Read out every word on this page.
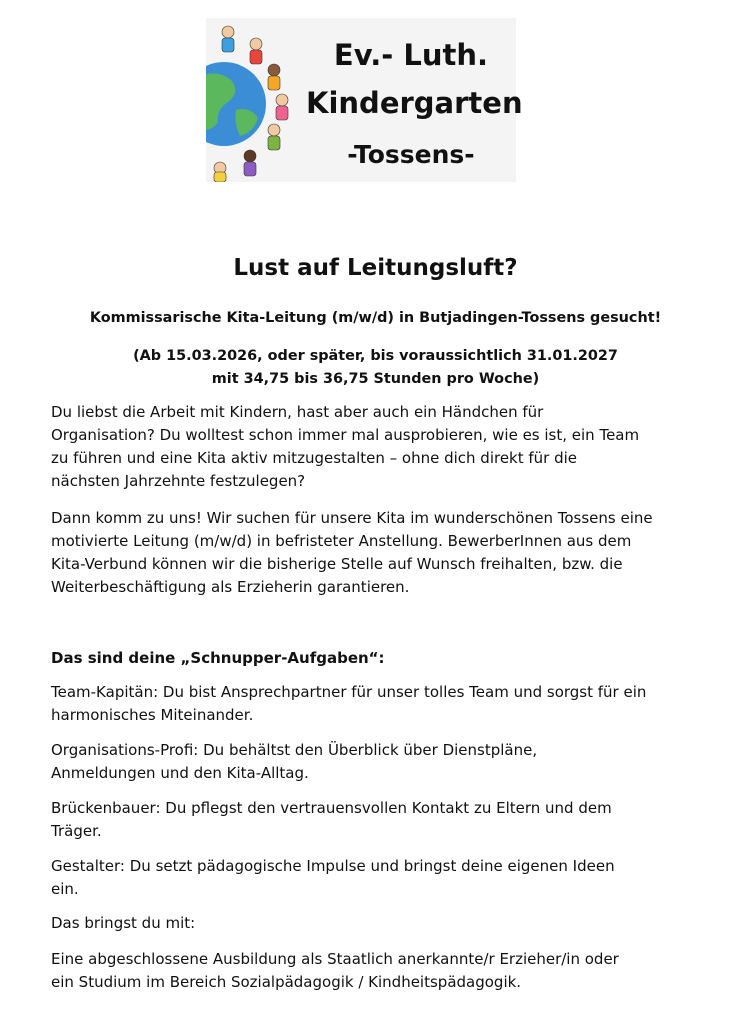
Ev.- Luth.
Kindergarten
-Tossens-
Lust auf Leitungsluft?
Kommissarische Kita-Leitung (m/w/d) in Butjadingen-Tossens gesucht!
(Ab 15.03.2026, oder später, bis voraussichtlich 31.01.2027
mit 34,75 bis 36,75 Stunden pro Woche)
Du liebst die Arbeit mit Kindern, hast aber auch ein Händchen für
Organisation? Du wolltest schon immer mal ausprobieren, wie es ist, ein Team
zu führen und eine Kita aktiv mitzugestalten – ohne dich direkt für die
nächsten Jahrzehnte festzulegen?
Dann komm zu uns! Wir suchen für unsere Kita im wunderschönen Tossens eine
motivierte Leitung (m/w/d) in befristeter Anstellung. BewerberInnen aus dem
Kita-Verbund können wir die bisherige Stelle auf Wunsch freihalten, bzw. die
Weiterbeschäftigung als Erzieherin garantieren.
Das sind deine „Schnupper-Aufgaben“:
Team-Kapitän: Du bist Ansprechpartner für unser tolles Team und sorgst für ein
harmonisches Miteinander.
Organisations-Profi: Du behältst den Überblick über Dienstpläne,
Anmeldungen und den Kita-Alltag.
Brückenbauer: Du pflegst den vertrauensvollen Kontakt zu Eltern und dem
Träger.
Gestalter: Du setzt pädagogische Impulse und bringst deine eigenen Ideen
ein.
Das bringst du mit:
Eine abgeschlossene Ausbildung als Staatlich anerkannte/r Erzieher/in oder
ein Studium im Bereich Sozialpädagogik / Kindheitspädagogik.
